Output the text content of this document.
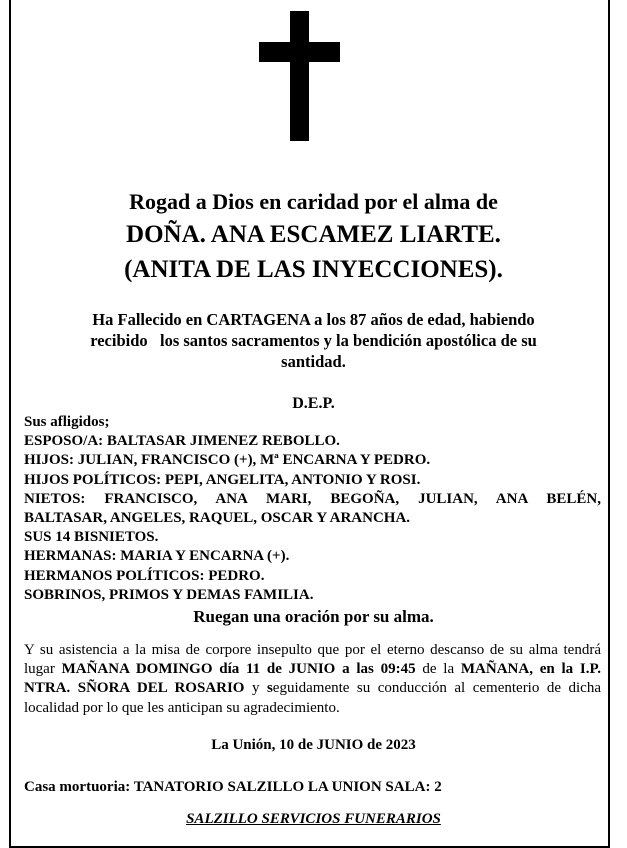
Rogad a Dios en caridad por el alma de
DOÑA. ANA ESCAMEZ LIARTE.
(ANITA DE LAS INYECCIONES).
Ha Fallecido en CARTAGENA a los 87 años de edad, habiendo
recibido   los santos sacramentos y la bendición apostólica de su
santidad.
D.E.P.
Sus afligidos;
ESPOSO/A: BALTASAR JIMENEZ REBOLLO.
HIJOS: JULIAN, FRANCISCO (+), Mª ENCARNA Y PEDRO.
HIJOS POLÍTICOS: PEPI, ANGELITA, ANTONIO Y ROSI.
NIETOS: FRANCISCO, ANA MARI, BEGOÑA, JULIAN, ANA BELÉN,
BALTASAR, ANGELES, RAQUEL, OSCAR Y ARANCHA.
SUS 14 BISNIETOS.
HERMANAS: MARIA Y ENCARNA (+).
HERMANOS POLÍTICOS: PEDRO.
SOBRINOS, PRIMOS Y DEMAS FAMILIA.
Ruegan una oración por su alma.
Y su asistencia a la misa de corpore insepulto que por el eterno descanso de su alma tendrá lugar MAÑANA DOMINGO día 11 de JUNIO a las 09:45 de la MAÑANA, en la I.P. NTRA. SÑORA DEL ROSARIO y seguidamente su conducción al cementerio de dicha localidad por lo que les anticipan su agradecimiento.
La Unión, 10 de JUNIO de 2023
Casa mortuoria: TANATORIO SALZILLO LA UNION SALA: 2
SALZILLO SERVICIOS FUNERARIOS
